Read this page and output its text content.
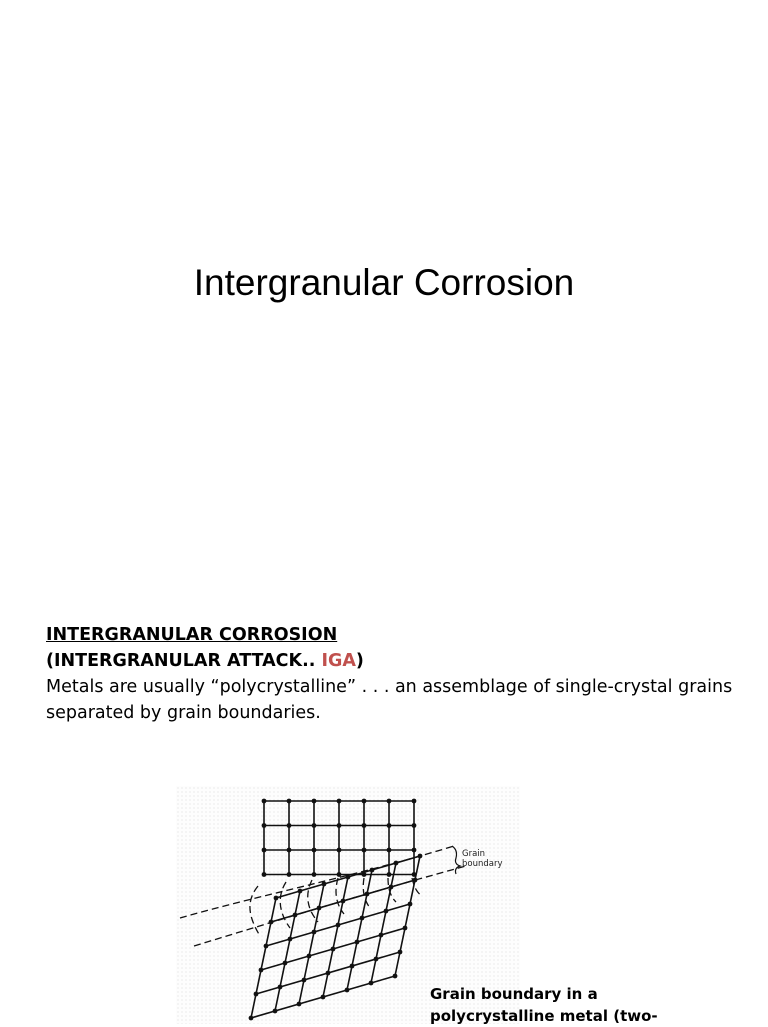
Intergranular Corrosion

INTERGRANULAR CORROSION

(INTERGRANULAR ATTACK.. IGA)

Metals are usually “polycrystalline” . . . an assemblage of single-crystal grains separated by grain boundaries.

Grain
boundary
Grain boundary in a
polycrystalline metal (two-
